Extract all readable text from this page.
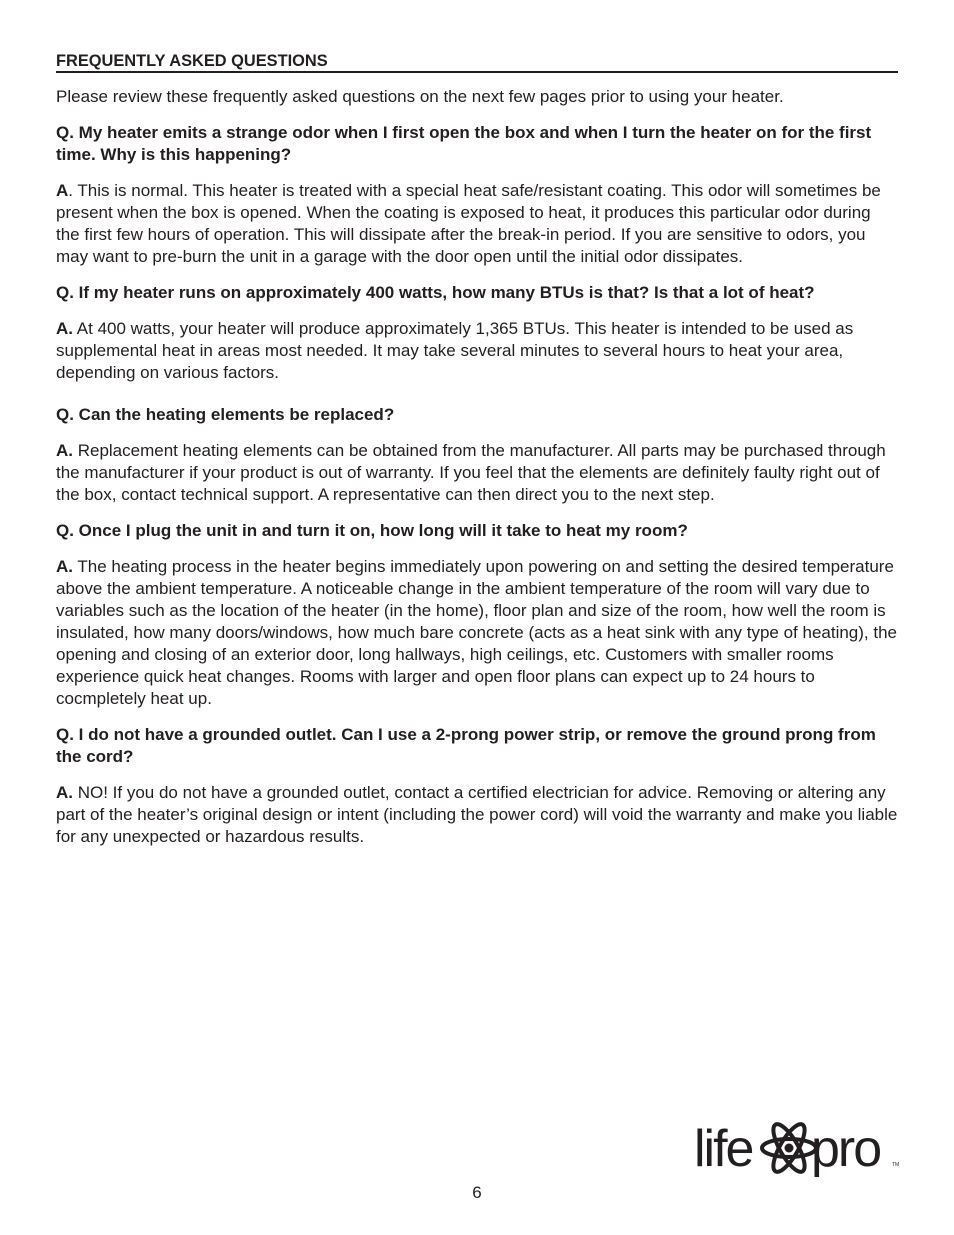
FREQUENTLY ASKED QUESTIONS

Please review these frequently asked questions on the next few pages prior to using your heater.

Q. My heater emits a strange odor when I first open the box and when I turn the heater on for the first time. Why is this happening?

A. This is normal. This heater is treated with a special heat safe/resistant coating. This odor will sometimes be present when the box is opened. When the coating is exposed to heat, it produces this particular odor during the first few hours of operation. This will dissipate after the break-in period. If you are sensitive to odors, you may want to pre-burn the unit in a garage with the door open until the initial odor dissipates.

Q. If my heater runs on approximately 400 watts, how many BTUs is that? Is that a lot of heat?

A. At 400 watts, your heater will produce approximately 1,365 BTUs. This heater is intended to be used as supplemental heat in areas most needed. It may take several minutes to several hours to heat your area, depending on various factors.

Q. Can the heating elements be replaced?

A. Replacement heating elements can be obtained from the manufacturer. All parts may be purchased through the manufacturer if your product is out of warranty. If you feel that the elements are definitely faulty right out of the box, contact technical support. A representative can then direct you to the next step.

Q. Once I plug the unit in and turn it on, how long will it take to heat my room?

A. The heating process in the heater begins immediately upon powering on and setting the desired temperature above the ambient temperature. A noticeable change in the ambient temperature of the room will vary due to variables such as the location of the heater (in the home), floor plan and size of the room, how well the room is insulated, how many doors/windows, how much bare concrete (acts as a heat sink with any type of heating), the opening and closing of an exterior door, long hallways, high ceilings, etc. Customers with smaller rooms experience quick heat changes. Rooms with larger and open floor plans can expect up to 24 hours to cocmpletely heat up.

Q. I do not have a grounded outlet. Can I use a 2-prong power strip, or remove the ground prong from the cord?

A. NO! If you do not have a grounded outlet, contact a certified electrician for advice. Removing or altering any part of the heater’s original design or intent (including the power cord) will void the warranty and make you liable for any unexpected or hazardous results.

life pro TM
6
